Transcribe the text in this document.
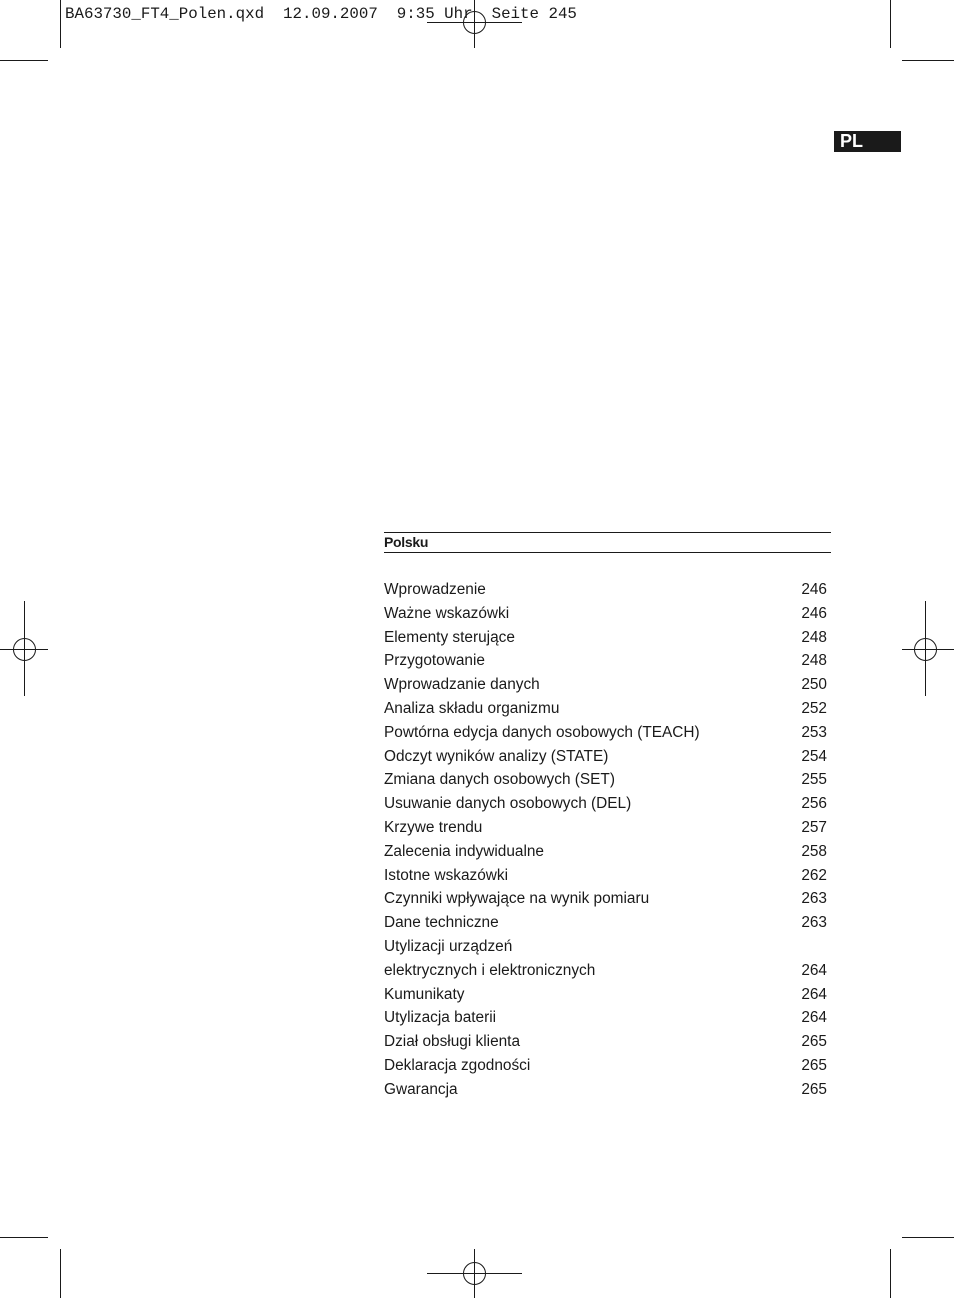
BA63730_FT4_Polen.qxd  12.09.2007  9:35 Uhr  Seite 245
PL
Polsku
Wprowadzenie	246
Ważne wskazówki	246
Elementy sterujące	248
Przygotowanie	248
Wprowadzanie danych	250
Analiza składu organizmu	252
Powtórna edycja danych osobowych (TEACH)	253
Odczyt wyników analizy (STATE)	254
Zmiana danych osobowych (SET)	255
Usuwanie danych osobowych (DEL)	256
Krzywe trendu	257
Zalecenia indywidualne	258
Istotne wskazówki	262
Czynniki wpływające na wynik pomiaru	263
Dane techniczne	263
Utylizacji urządzeń
elektrycznych i elektronicznych	264
Kumunikaty	264
Utylizacja baterii	264
Dział obsługi klienta	265
Deklaracja zgodności	265
Gwarancja	265
